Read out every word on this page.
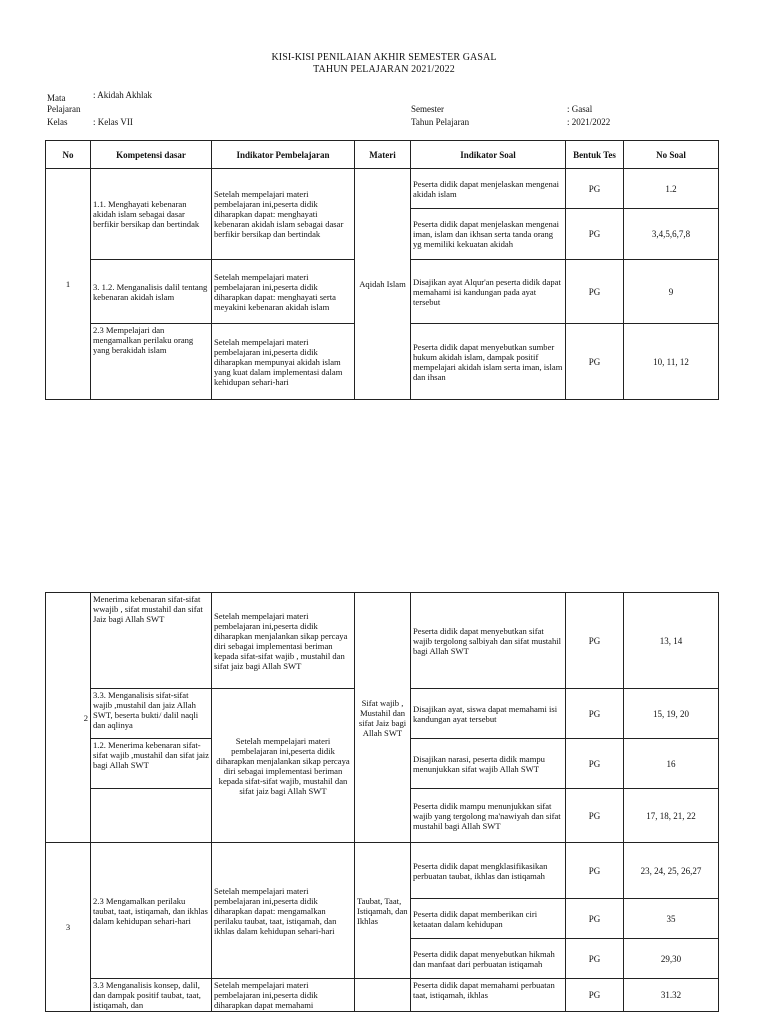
KISI-KISI PENILAIAN AKHIR SEMESTER GASAL
TAHUN PELAJARAN 2021/2022
Mata
Pelajaran
: Akidah Akhlak
Kelas	: Kelas VII
Semester	: Gasal
Tahun Pelajaran	: 2021/2022
No	Kompetensi dasar	Indikator Pembelajaran	Materi	Indikator Soal	Bentuk Tes	No Soal
1	1.1. Menghayati kebenaran akidah islam sebagai dasar berfikir bersikap dan bertindak	Setelah mempelajari materi pembelajaran ini,peserta didik diharapkan dapat: menghayati kebenaran akidah islam sebagai dasar berfikir bersikap dan bertindak	Aqidah Islam	Peserta didik dapat menjelaskan mengenai akidah islam	PG	1.2
				Peserta didik dapat menjelaskan mengenai iman, islam dan ikhsan serta tanda orang yg memiliki kekuatan akidah	PG	3,4,5,6,7,8
	3. 1.2. Menganalisis dalil tentang kebenaran akidah islam	Setelah mempelajari materi pembelajaran ini,peserta didik diharapkan dapat: menghayati serta meyakini kebenaran akidah islam		Disajikan ayat Alqur'an peserta didik dapat memahami isi kandungan pada ayat tersebut	PG	9
	2.3 Mempelajari dan mengamalkan perilaku orang yang berakidah islam	Setelah mempelajari materi pembelajaran ini,peserta didik diharapkan mempunyai akidah islam yang kuat dalam implementasi dalam kehidupan sehari-hari		Peserta didik dapat menyebutkan sumber hukum akidah islam, dampak positif mempelajari akidah islam serta iman, islam dan ihsan	PG	10, 11, 12
2	Menerima kebenaran sifat-sifat wwajib , sifat mustahil dan sifat Jaiz bagi Allah SWT	Setelah mempelajari materi pembelajaran ini,peserta didik diharapkan menjalankan sikap percaya diri sebagai implementasi beriman kepada sifat-sifat wajib , mustahil dan sifat jaiz bagi Allah SWT	Sifat wajib , Mustahil dan sifat Jaiz bagi Allah SWT	Peserta didik dapat menyebutkan sifat wajib tergolong salbiyah dan sifat mustahil bagi Allah SWT	PG	13, 14
	3.3. Menganalisis sifat-sifat wajib ,mustahil dan jaiz Allah SWT, beserta bukti/ dalil naqli dan aqlinya	Setelah mempelajari materi pembelajaran ini,peserta didik diharapkan menjalankan sikap percaya diri sebagai implementasi beriman kepada sifat-sifat wajib, mustahil dan sifat jaiz bagi Allah SWT		Disajikan ayat, siswa dapat memahami isi kandungan ayat tersebut	PG	15, 19, 20
	1.2. Menerima kebenaran sifat-sifat wajib ,mustahil dan sifat jaiz bagi Allah SWT			Disajikan narasi, peserta didik mampu menunjukkan sifat wajib Allah SWT	PG	16
				Peserta didik mampu menunjukkan sifat wajib yang tergolong ma'nawiyah dan sifat mustahil bagi Allah SWT	PG	17, 18, 21, 22
3	2.3 Mengamalkan perilaku taubat, taat, istiqamah, dan ikhlas dalam kehidupan sehari-hari	Setelah mempelajari materi pembelajaran ini,peserta didik diharapkan dapat: mengamalkan perilaku taubat, taat, istiqamah, dan ikhlas dalam kehidupan sehari-hari	Taubat, Taat, Istiqamah, dan Ikhlas	Peserta didik dapat mengklasifikasikan perbuatan taubat, ikhlas dan istiqamah	PG	23, 24, 25, 26,27
				Peserta didik dapat memberikan ciri ketaatan dalam kehidupan	PG	35
				Peserta didik dapat menyebutkan hikmah dan manfaat dari perbuatan istiqamah	PG	29,30
	3.3 Menganalisis konsep, dalil, dan dampak positif taubat, taat, istiqamah, dan	Setelah mempelajari materi pembelajaran ini,peserta didik diharapkan dapat memahami		Peserta didik dapat memahami perbuatan taat, istiqamah, ikhlas	PG	31.32
